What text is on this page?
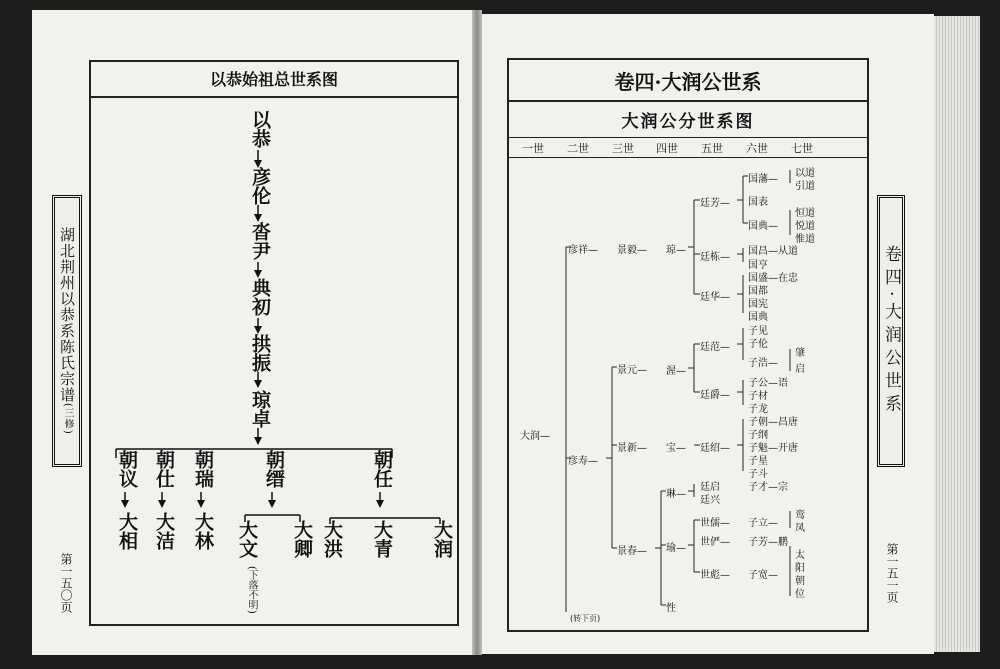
以恭始祖总世系图
湖北荆州以恭系陈氏宗谱(三修)
第一五〇页
以恭
彦伦
沓尹
典初
拱振
琼卓
朝议 朝仕 朝瑞	朝缙	朝任
大相 大洁 大林 大文 大卿 大洪 大青 大润
(下落不明)
卷四·大润公世系
大润公分世系图
一世 二世 三世 四世 五世 六世 七世
卷四·大润公世系
第一五一页
大润—
彦祥—
彦寿—
景毅—
景元—
景新—
景春—
琼—
渥—
宝—
琳—
瑜—
性
廷芳—
廷栋—
廷华—
廷范—
廷爵—
廷绍—
廷启
廷兴
世儒—
世俨—
世彪—
国藩—
国表
国典—
国昌—从道
国亨
国盛—在忠
国都
国宪
国典
子见
子伦
子浩—
子公—语
子材
子龙
子朝—昌唐
子纲
子魁—开唐
子星
子斗
子才—宗
子立—
子芳—鹏
子宽—
以道
引道
恒道
悦道
惟道
肇
启
鸾
凤
太
阳
朝
位
(转下页)
